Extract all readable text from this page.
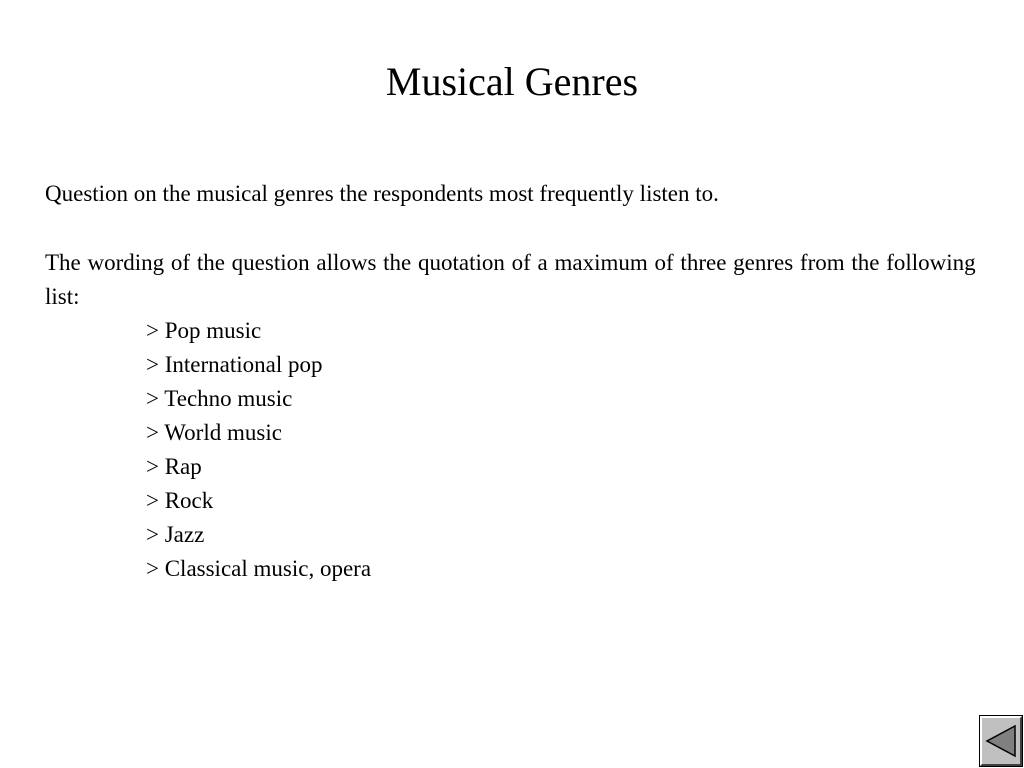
Musical Genres

Question on the musical genres the respondents most frequently listen to.

The wording of the question allows the quotation of a maximum of three genres from the following list:

> Pop music
> International pop
> Techno music
> World music
> Rap
> Rock
> Jazz
> Classical music, opera
